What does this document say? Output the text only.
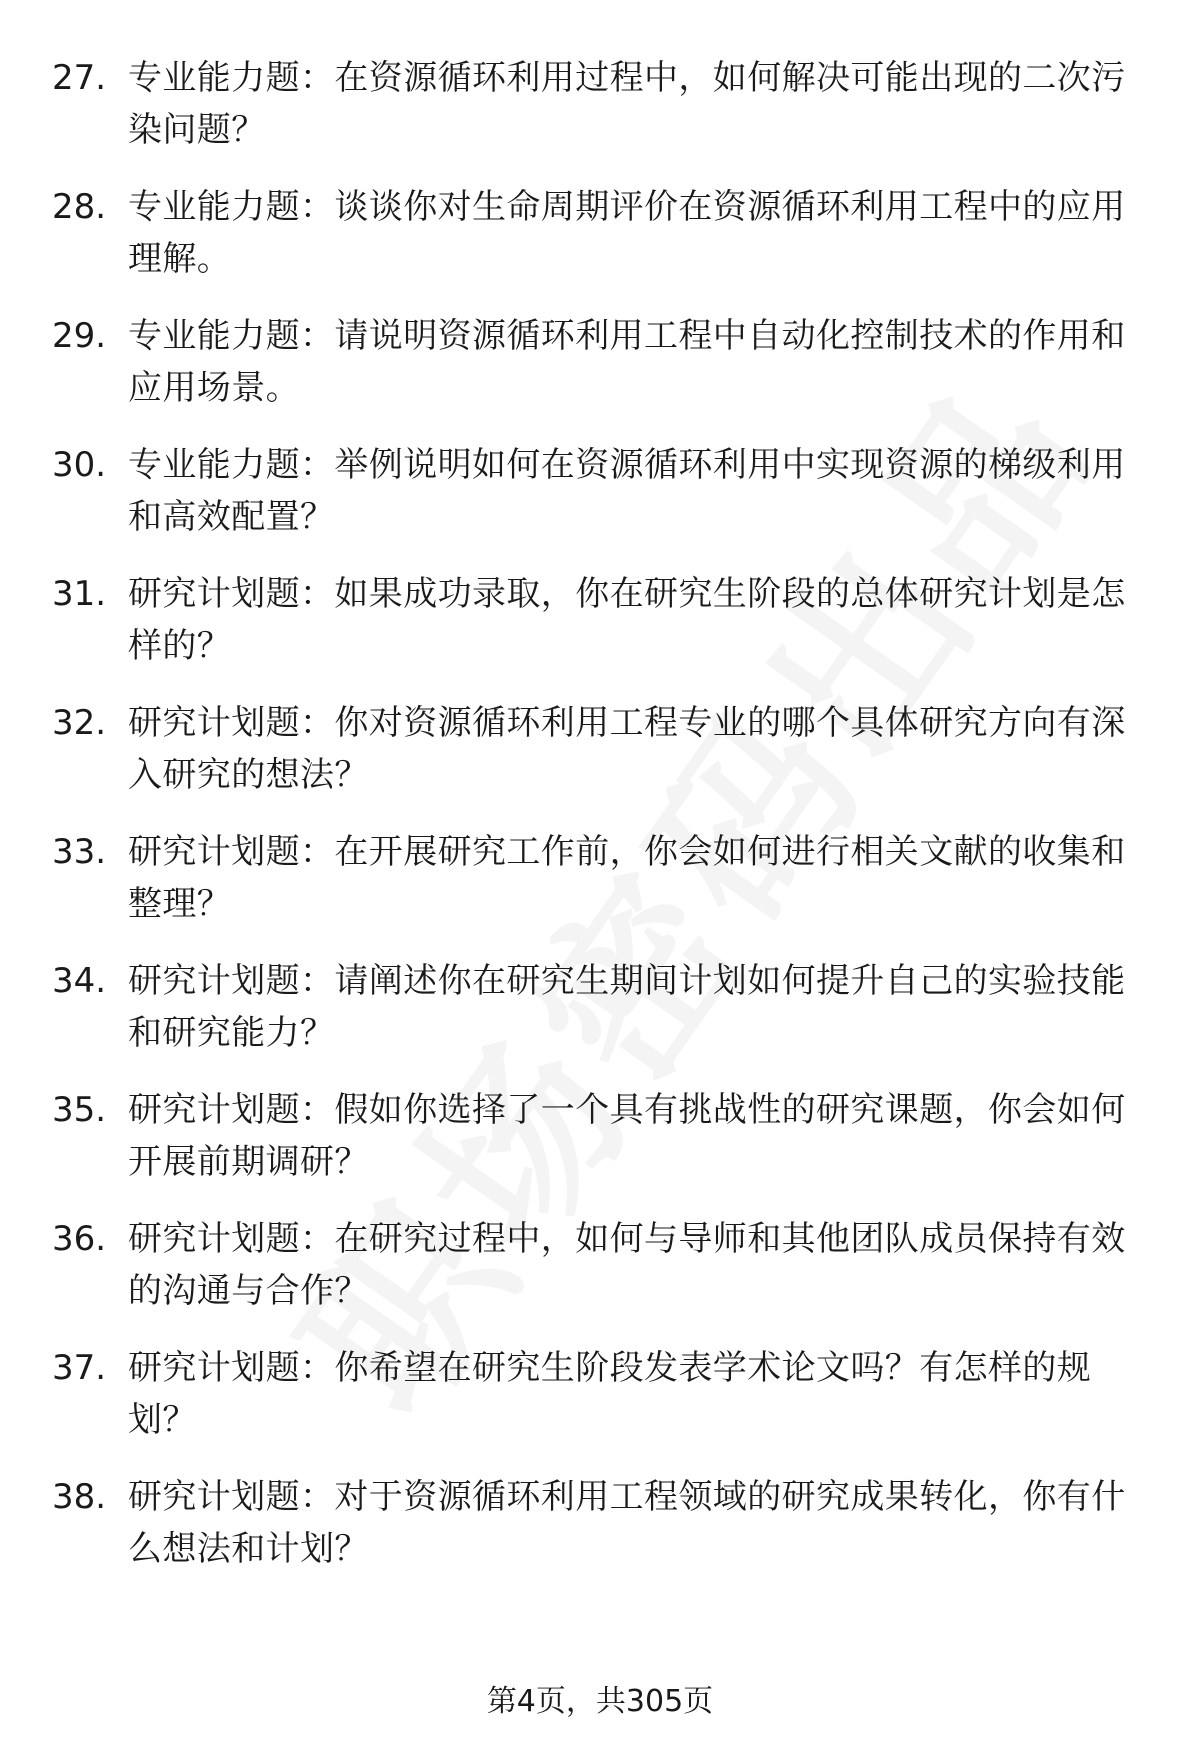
27. 专业能力题：在资源循环利用过程中，如何解决可能出现的二次污染问题？
28. 专业能力题：谈谈你对生命周期评价在资源循环利用工程中的应用理解。
29. 专业能力题：请说明资源循环利用工程中自动化控制技术的作用和应用场景。
30. 专业能力题：举例说明如何在资源循环利用中实现资源的梯级利用和高效配置？
31. 研究计划题：如果成功录取，你在研究生阶段的总体研究计划是怎样的？
32. 研究计划题：你对资源循环利用工程专业的哪个具体研究方向有深入研究的想法？
33. 研究计划题：在开展研究工作前，你会如何进行相关文献的收集和整理？
34. 研究计划题：请阐述你在研究生期间计划如何提升自己的实验技能和研究能力？
35. 研究计划题：假如你选择了一个具有挑战性的研究课题，你会如何开展前期调研？
36. 研究计划题：在研究过程中，如何与导师和其他团队成员保持有效的沟通与合作？
37. 研究计划题：你希望在研究生阶段发表学术论文吗？有怎样的规划？
38. 研究计划题：对于资源循环利用工程领域的研究成果转化，你有什么想法和计划？
第4页，共305页
